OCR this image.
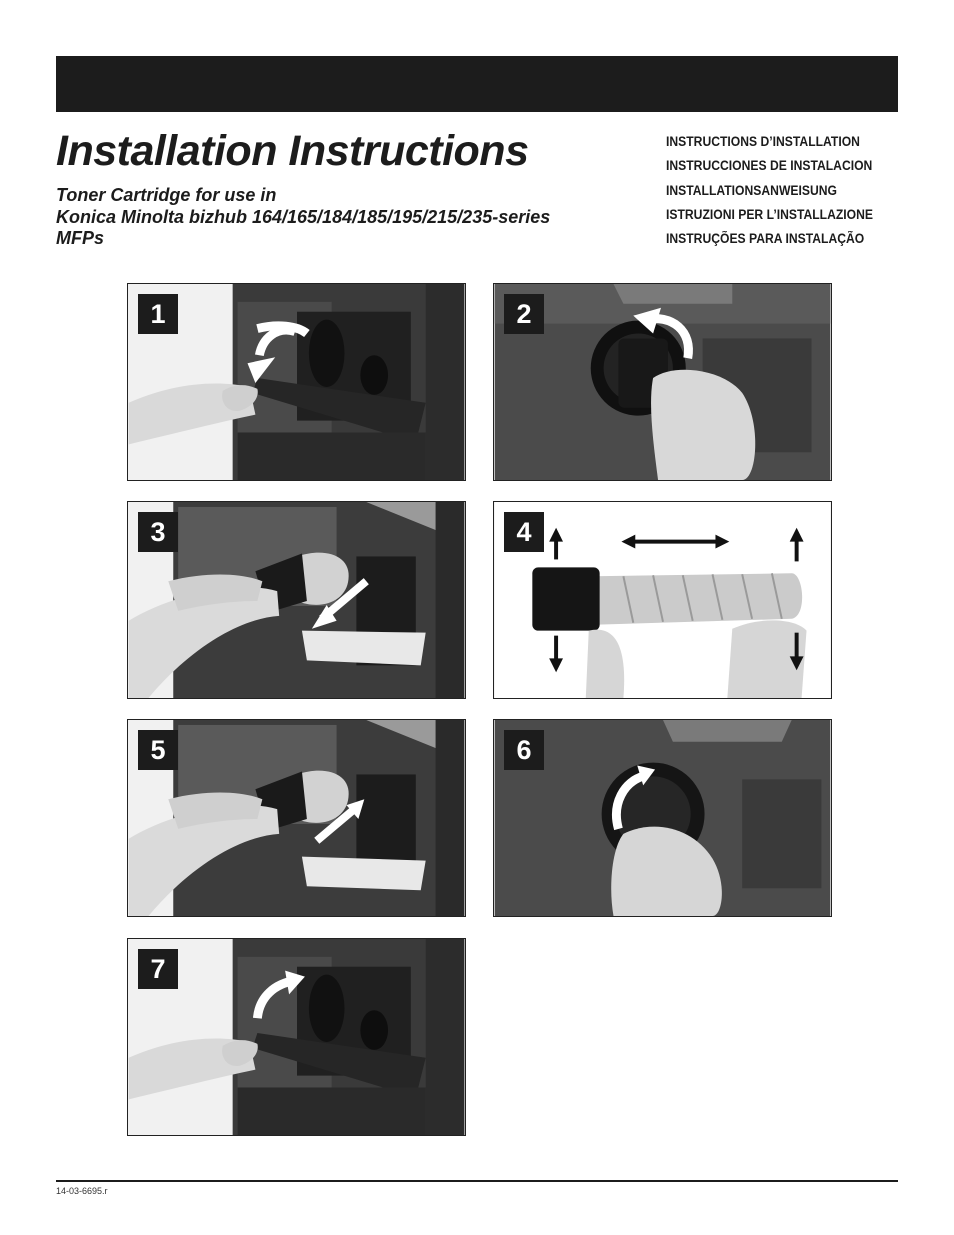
Installation Instructions
Toner Cartridge for use in
Konica Minolta bizhub 164/165/184/185/195/215/235-series
MFPs
INSTRUCTIONS D’INSTALLATION
INSTRUCCIONES DE INSTALACION
INSTALLATIONSANWEISUNG
ISTRUZIONI PER L’INSTALLAZIONE
INSTRUÇÕES PARA INSTALAÇÃO
1	2
3	4
5	6
7
14-03-6695.r
